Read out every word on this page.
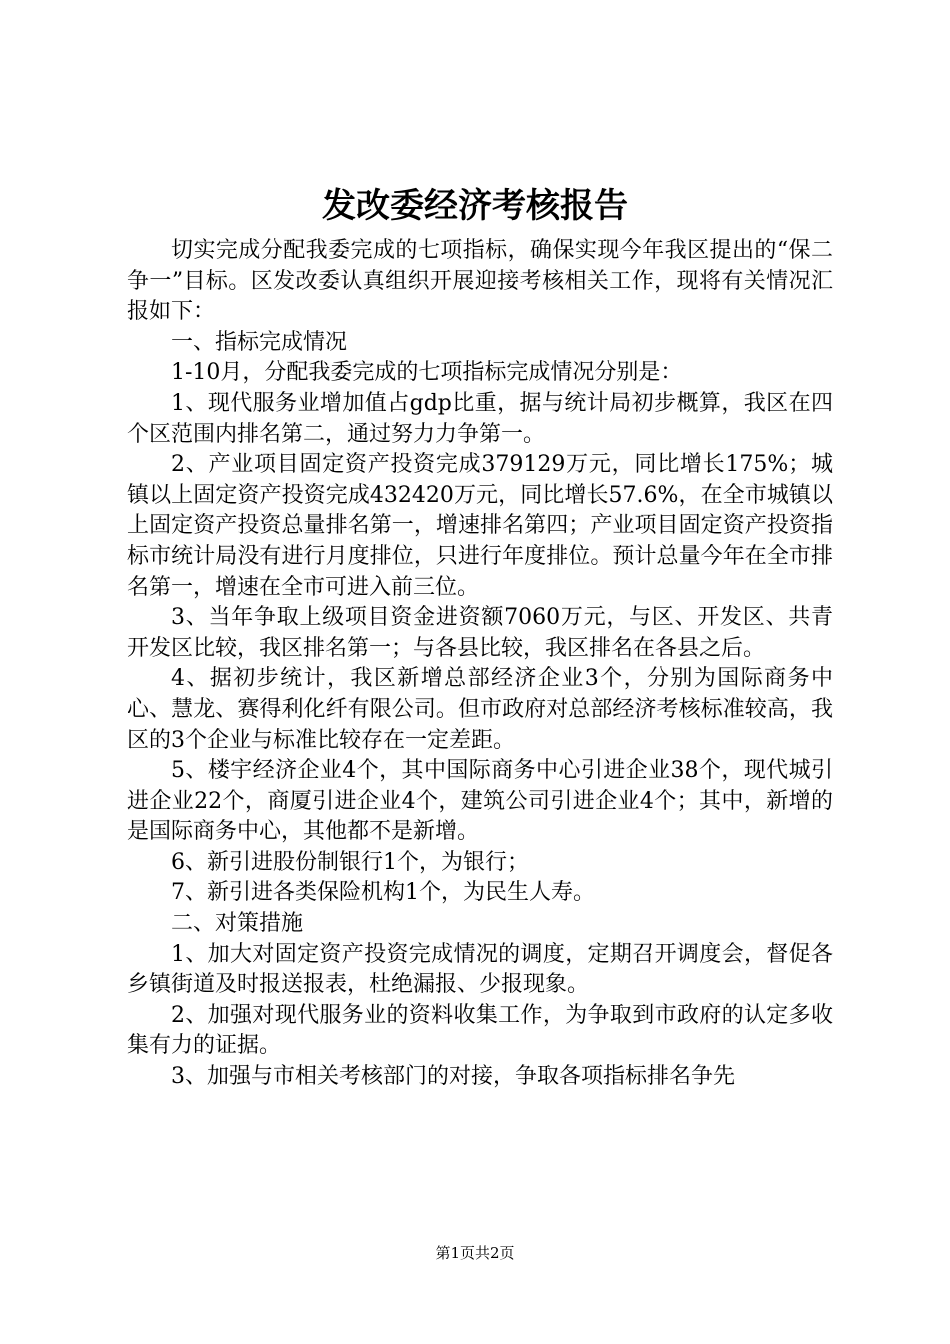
发改委经济考核报告

切实完成分配我委完成的七项指标，确保实现今年我区提出的“保二争一”目标。区发改委认真组织开展迎接考核相关工作，现将有关情况汇报如下：

一、指标完成情况

1-10月，分配我委完成的七项指标完成情况分别是：

1、现代服务业增加值占gdp比重，据与统计局初步概算，我区在四个区范围内排名第二，通过努力力争第一。

2、产业项目固定资产投资完成379129万元，同比增长175%；城镇以上固定资产投资完成432420万元，同比增长57.6%，在全市城镇以上固定资产投资总量排名第一，增速排名第四；产业项目固定资产投资指标市统计局没有进行月度排位，只进行年度排位。预计总量今年在全市排名第一，增速在全市可进入前三位。

3、当年争取上级项目资金进资额7060万元，与区、开发区、共青开发区比较，我区排名第一；与各县比较，我区排名在各县之后。

4、据初步统计，我区新增总部经济企业3个，分别为国际商务中心、慧龙、赛得利化纤有限公司。但市政府对总部经济考核标准较高，我区的3个企业与标准比较存在一定差距。

5、楼宇经济企业4个，其中国际商务中心引进企业38个，现代城引进企业22个，商厦引进企业4个，建筑公司引进企业4个；其中，新增的是国际商务中心，其他都不是新增。

6、新引进股份制银行1个，为银行；

7、新引进各类保险机构1个，为民生人寿。

二、对策措施

1、加大对固定资产投资完成情况的调度，定期召开调度会，督促各乡镇街道及时报送报表，杜绝漏报、少报现象。

2、加强对现代服务业的资料收集工作，为争取到市政府的认定多收集有力的证据。

3、加强与市相关考核部门的对接，争取各项指标排名争先

第1页共2页
